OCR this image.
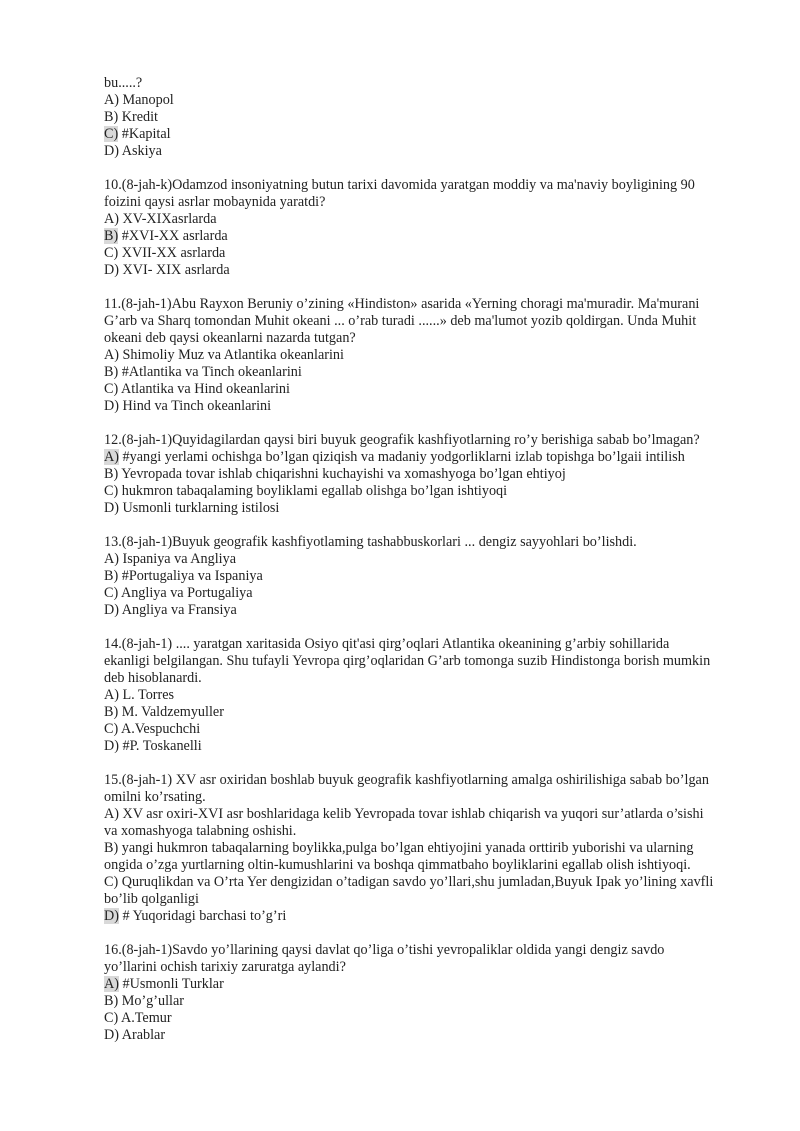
bu.....?
A) Manopol
B) Kredit
C) #Kapital
D) Askiya
10.(8-jah-k)Odamzod insoniyatning butun tarixi davomida yaratgan moddiy va ma'naviy boyligining 90
foizini qaysi asrlar mobaynida yaratdi?
A) XV-XIXasrlarda
B) #XVI-XX asrlarda
C) XVII-XX asrlarda
D) XVI- XIX asrlarda
11.(8-jah-1)Abu Rayxon Beruniy o’zining «Hindiston» asarida «Yerning choragi ma'muradir. Ma'murani
G’arb va Sharq tomondan Muhit okeani ... o’rab turadi ......» deb ma'lumot yozib qoldirgan. Unda Muhit
okeani deb qaysi okeanlarni nazarda tutgan?
A) Shimoliy Muz va Atlantika okeanlarini
B) #Atlantika va Tinch okeanlarini
C) Atlantika va Hind okeanlarini
D) Hind va Tinch okeanlarini
12.(8-jah-1)Quyidagilardan qaysi biri buyuk geografik kashfiyotlarning ro’y berishiga sabab bo’lmagan?
A) #yangi yerlami ochishga bo’lgan qiziqish va madaniy yodgorliklarni izlab topishga bo’lgaii intilish
B) Yevropada tovar ishlab chiqarishni kuchayishi va xomashyoga bo’lgan ehtiyoj
C) hukmron tabaqalaming boyliklami egallab olishga bo’lgan ishtiyoqi
D) Usmonli turklarning istilosi
13.(8-jah-1)Buyuk geografik kashfiyotlaming tashabbuskorlari ... dengiz sayyohlari bo’lishdi.
A) Ispaniya va Angliya
B) #Portugaliya va Ispaniya
C) Angliya va Portugaliya
D) Angliya va Fransiya
14.(8-jah-1) .... yaratgan xaritasida Osiyo qit'asi qirg’oqlari Atlantika okeanining g’arbiy sohillarida
ekanligi belgilangan. Shu tufayli Yevropa qirg’oqlaridan G’arb tomonga suzib Hindistonga borish mumkin
deb hisoblanardi.
A) L. Torres
B) M. Valdzemyuller
C) A.Vespuchchi
D) #P. Toskanelli
15.(8-jah-1) XV asr oxiridan boshlab buyuk geografik kashfiyotlarning amalga oshirilishiga sabab bo’lgan
omilni ko’rsating.
A) XV asr oxiri-XVI asr boshlaridaga kelib Yevropada tovar ishlab chiqarish va yuqori sur’atlarda o’sishi
va xomashyoga talabning oshishi.
B) yangi hukmron tabaqalarning boylikka,pulga bo’lgan ehtiyojini yanada orttirib yuborishi va ularning
ongida o’zga yurtlarning oltin-kumushlarini va boshqa qimmatbaho boyliklarini egallab olish ishtiyoqi.
C) Quruqlikdan va O’rta Yer dengizidan o’tadigan savdo yo’llari,shu jumladan,Buyuk Ipak yo’lining xavfli
bo’lib qolganligi
D) # Yuqoridagi barchasi to’g’ri
16.(8-jah-1)Savdo yo’llarining qaysi davlat qo’liga o’tishi yevropaliklar oldida yangi dengiz savdo
yo’llarini ochish tarixiy zaruratga aylandi?
A) #Usmonli Turklar
B) Mo’g’ullar
C) A.Temur
D) Arablar
